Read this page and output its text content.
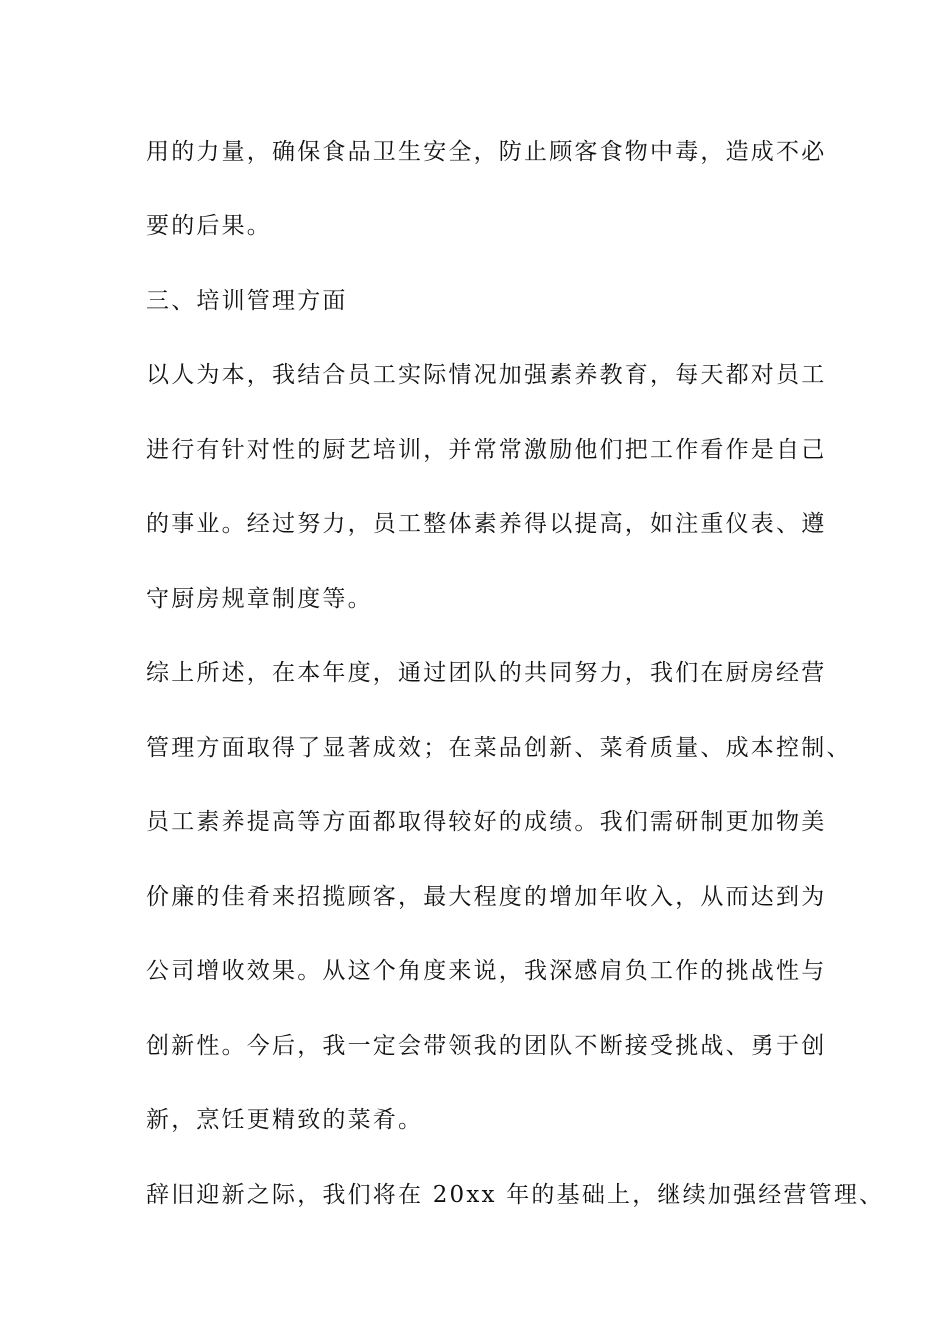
用的力量，确保食品卫生安全，防止顾客食物中毒，造成不必
要的后果。
三、培训管理方面
以人为本，我结合员工实际情况加强素养教育，每天都对员工
进行有针对性的厨艺培训，并常常激励他们把工作看作是自己
的事业。经过努力，员工整体素养得以提高，如注重仪表、遵
守厨房规章制度等。
综上所述，在本年度，通过团队的共同努力，我们在厨房经营
管理方面取得了显著成效；在菜品创新、菜肴质量、成本控制、
员工素养提高等方面都取得较好的成绩。我们需研制更加物美
价廉的佳肴来招揽顾客，最大程度的增加年收入，从而达到为
公司增收效果。从这个角度来说，我深感肩负工作的挑战性与
创新性。今后，我一定会带领我的团队不断接受挑战、勇于创
新，烹饪更精致的菜肴。
辞旧迎新之际，我们将在 20xx 年的基础上，继续加强经营管理、
